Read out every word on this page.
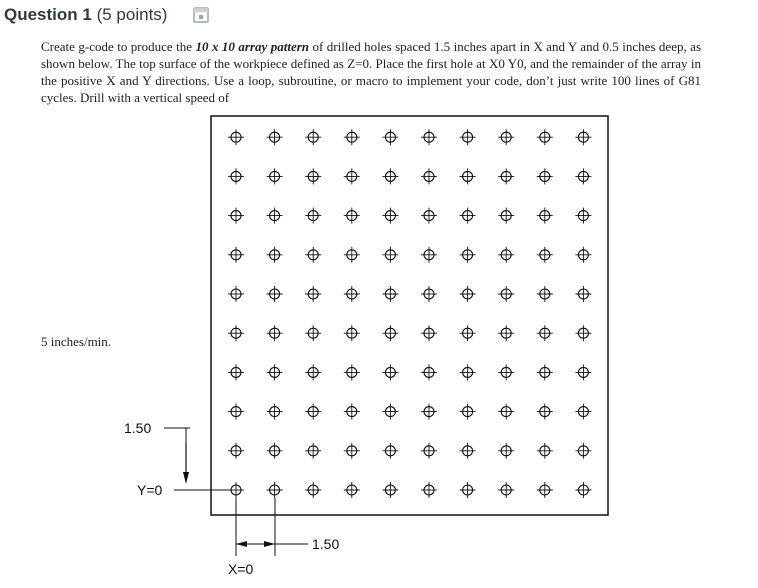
Question 1 (5 points)
Create g-code to produce the 10 x 10 array pattern of drilled holes spaced 1.5 inches apart in X and Y and 0.5 inches deep, as shown below. The top surface of the workpiece defined as Z=0. Place the first hole at X0 Y0, and the remainder of the array in the positive X and Y directions. Use a loop, subroutine, or macro to implement your code, don’t just write 100 lines of G81 cycles. Drill with a vertical speed of
5 inches/min.
1.50
Y=0
1.50
X=0
